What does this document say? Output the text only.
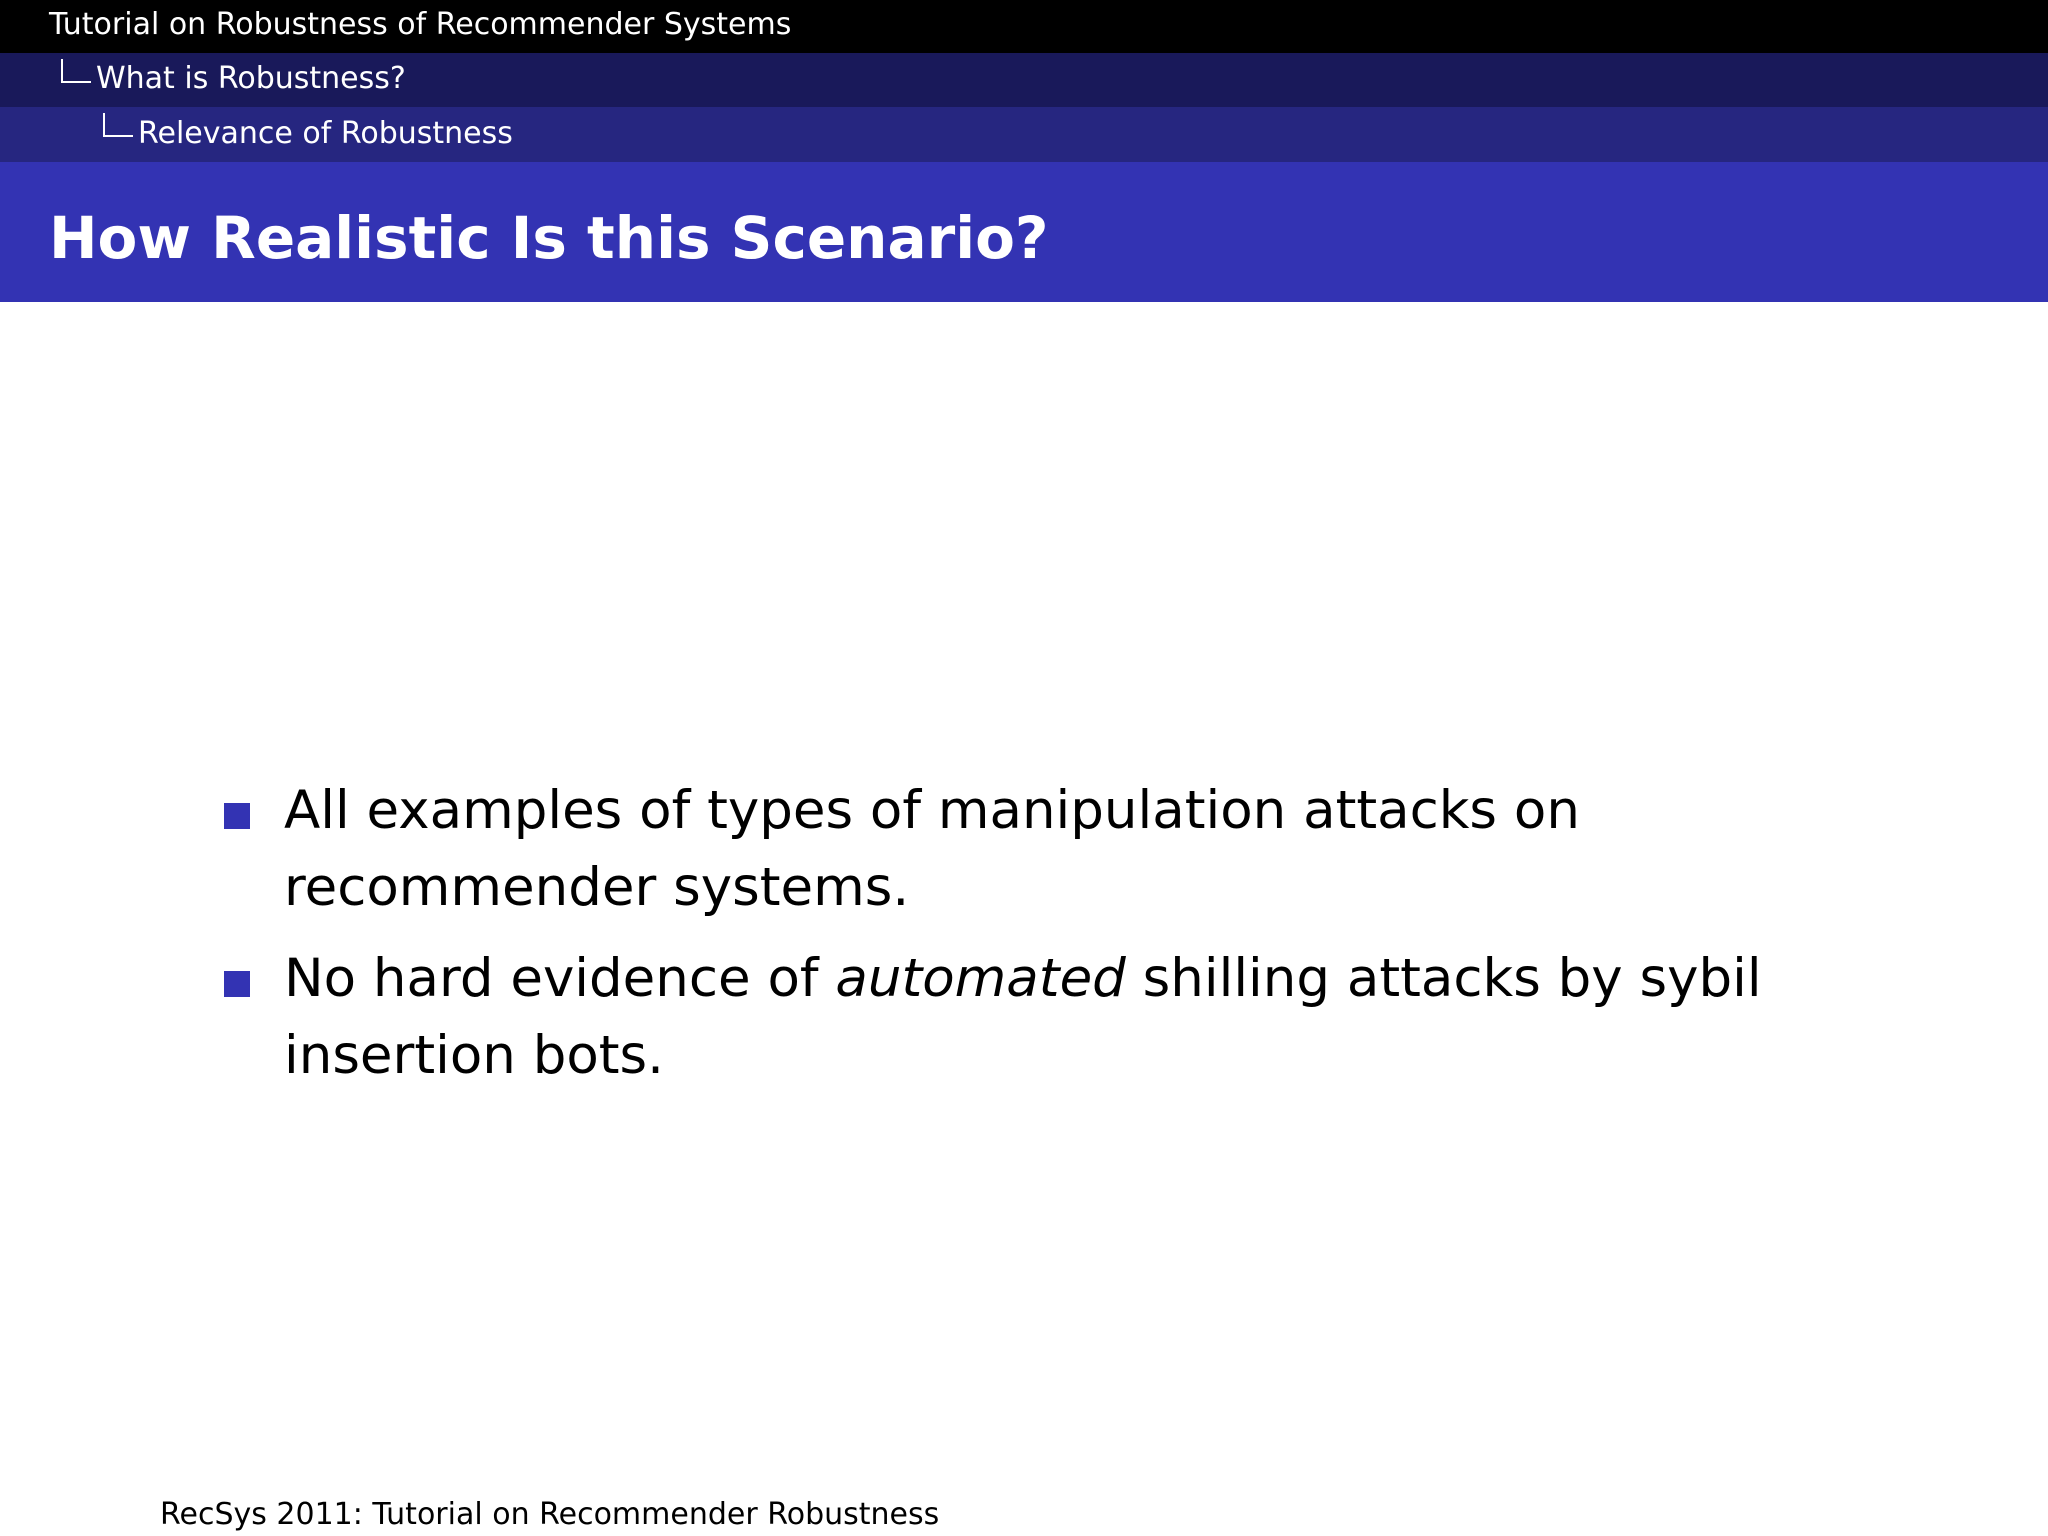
Tutorial on Robustness of Recommender Systems
What is Robustness?
Relevance of Robustness
How Realistic Is this Scenario?
All examples of types of manipulation attacks on recommender systems.
No hard evidence of automated shilling attacks by sybil insertion bots.
RecSys 2011: Tutorial on Recommender Robustness
